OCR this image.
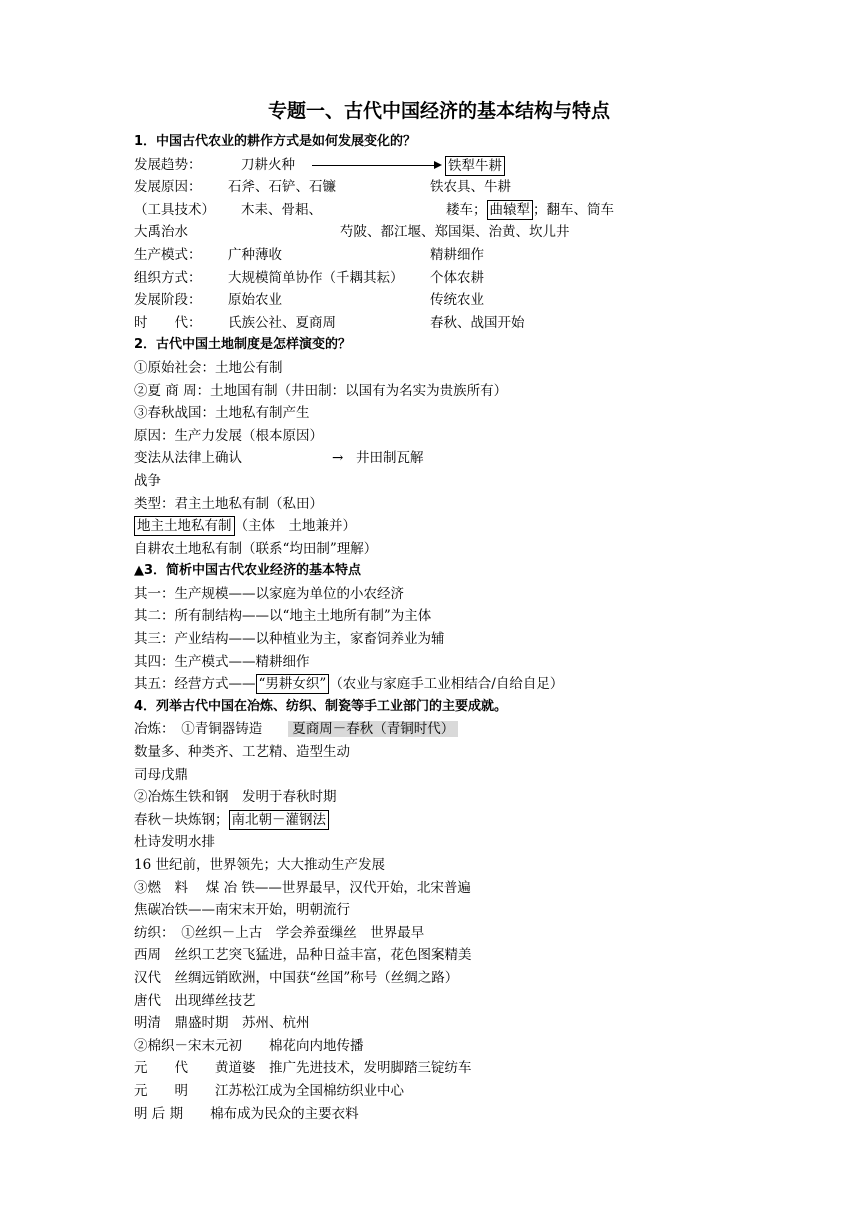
专题一、古代中国经济的基本结构与特点
1．中国古代农业的耕作方式是如何发展变化的？
发展趋势：	刀耕火种	铁犁牛耕
发展原因： 石斧、石铲、石镰	铁农具、牛耕
（工具技术） 木耒、骨耜、	耧车； 曲辕犁 ；翻车、筒车
大禹治水	芍陂、都江堰、郑国渠、治黄、坎儿井
生产模式： 广种薄收	精耕细作
组织方式： 大规模简单协作（千耦其耘） 个体农耕
发展阶段： 原始农业	传统农业
时　　代： 氏族公社、夏商周	春秋、战国开始
2．古代中国土地制度是怎样演变的？
①原始社会：土地公有制
②夏 商 周：土地国有制（井田制：以国有为名实为贵族所有）
③春秋战国：土地私有制产生
原因：生产力发展（根本原因）
变法从法律上确认	→ 井田制瓦解
战争
类型：君主土地私有制（私田）
地主土地私有制 （主体　土地兼并）
自耕农土地私有制（联系“均田制”理解）
▲3．简析中国古代农业经济的基本特点
其一：生产规模——以家庭为单位的小农经济
其二：所有制结构——以“地主土地所有制”为主体
其三：产业结构——以种植业为主，家畜饲养业为辅
其四：生产模式——精耕细作
其五：经营方式—— “男耕女织” （农业与家庭手工业相结合/自给自足）
4．列举古代中国在冶炼、纺织、制瓷等手工业部门的主要成就。
冶炼：　①青铜器铸造 夏商周－春秋（青铜时代）
数量多、种类齐、工艺精、造型生动
司母戊鼎
②冶炼生铁和钢　发明于春秋时期
春秋－块炼钢； 南北朝－灌钢法
杜诗发明水排
16 世纪前，世界领先；大大推动生产发展
③燃　料　 煤 冶 铁——世界最早，汉代开始，北宋普遍
焦碳冶铁——南宋末开始，明朝流行
纺织：　①丝织－上古　学会养蚕缫丝　世界最早
西周　丝织工艺突飞猛进，品种日益丰富，花色图案精美
汉代　丝绸远销欧洲，中国获“丝国”称号（丝绸之路）
唐代　出现缂丝技艺
明清　鼎盛时期　苏州、杭州
②棉织－宋末元初　　棉花向内地传播
元　　代　　黄道婆　推广先进技术，发明脚踏三锭纺车
元　　明　　江苏松江成为全国棉纺织业中心
明 后 期　　棉布成为民众的主要衣料
